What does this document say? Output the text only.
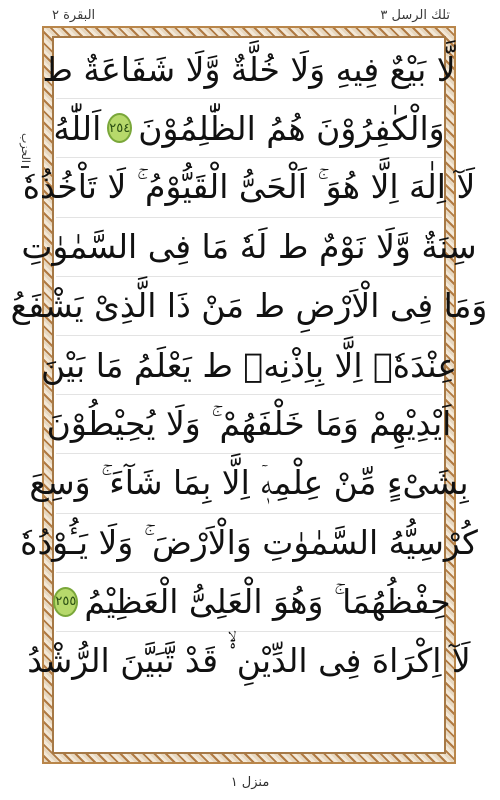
البقرة ٢	تلك الرسل ٣
الحزب
لَّا بَيْعٌ فِيهِ وَلَا خُلَّةٌ وَّلَا شَفَاعَةٌ ط
وَالْكٰفِرُوْنَ هُمُ الظّٰلِمُوْنَ
٢٥٤
اَللّٰهُ
لَآ اِلٰهَ اِلَّا هُوَ ۚ اَلْحَیُّ الْقَیُّوْمُ ۚ لَا تَاْخُذُهٗ
سِنَةٌ وَّلَا نَوْمٌ ط لَهٗ مَا فِی السَّمٰوٰتِ
وَمَا فِی الْاَرْضِ ط مَنْ ذَا الَّذِیْ یَشْفَعُ
عِنْدَهٗۤ اِلَّا بِاِذْنِهٖ ط یَعْلَمُ مَا بَیْنَ
اَیْدِیْهِمْ وَمَا خَلْفَهُمْ ۚ وَلَا یُحِیْطُوْنَ
بِشَیْءٍ مِّنْ عِلْمِهٖۤ اِلَّا بِمَا شَآءَ ۚ وَسِعَ
كُرْسِیُّهُ السَّمٰوٰتِ وَالْاَرْضَ ۚ وَلَا یَـُٔوْدُهٗ
حِفْظُهُمَا ۚ وَهُوَ الْعَلِیُّ الْعَظِیْمُ
٢٥٥
لَآ اِكْرَاهَ فِی الدِّیْنِ ۟ۙ قَدْ تَّبَیَّنَ الرُّشْدُ
منزل ١
